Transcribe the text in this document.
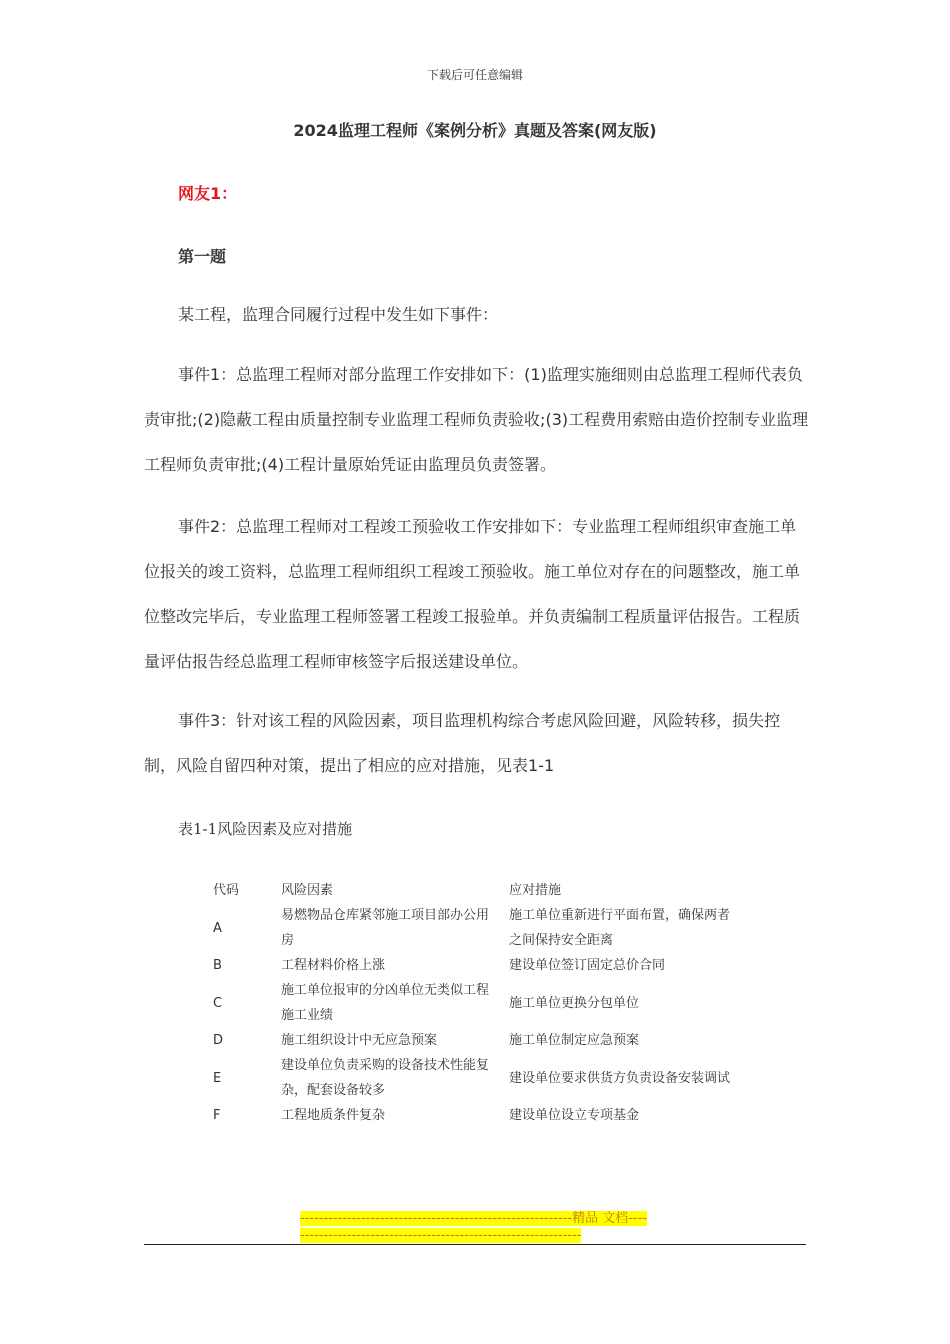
下载后可任意编辑
2024监理工程师《案例分析》真题及答案(网友版)
网友1：
第一题
某工程，监理合同履行过程中发生如下事件：
事件1：总监理工程师对部分监理工作安排如下：(1)监理实施细则由总监理工程师代表负责审批;(2)隐蔽工程由质量控制专业监理工程师负责验收;(3)工程费用索赔由造价控制专业监理工程师负责审批;(4)工程计量原始凭证由监理员负责签署。
事件2：总监理工程师对工程竣工预验收工作安排如下：专业监理工程师组织审查施工单位报关的竣工资料，总监理工程师组织工程竣工预验收。施工单位对存在的问题整改，施工单位整改完毕后，专业监理工程师签署工程竣工报验单。并负责编制工程质量评估报告。工程质量评估报告经总监理工程师审核签字后报送建设单位。
事件3：针对该工程的风险因素，项目监理机构综合考虑风险回避，风险转移，损失控制，风险自留四种对策，提出了相应的应对措施，见表1-1
表1-1风险因素及应对措施
代码	风险因素	应对措施
A	易燃物品仓库紧邻施工项目部办公用房	施工单位重新进行平面布置，确保两者之间保持安全距离
B	工程材料价格上涨	建设单位签订固定总价合同
C	施工单位报审的分凶单位无类似工程施工业绩	施工单位更换分包单位
D	施工组织设计中无应急预案	施工单位制定应急预案
E	建设单位负责采购的设备技术性能复杂，配套设备较多	建设单位要求供货方负责设备安装调试
F	工程地质条件复杂	建设单位设立专项基金
----------------------------------------------------------精品 文档----------------------------------------------------------------
